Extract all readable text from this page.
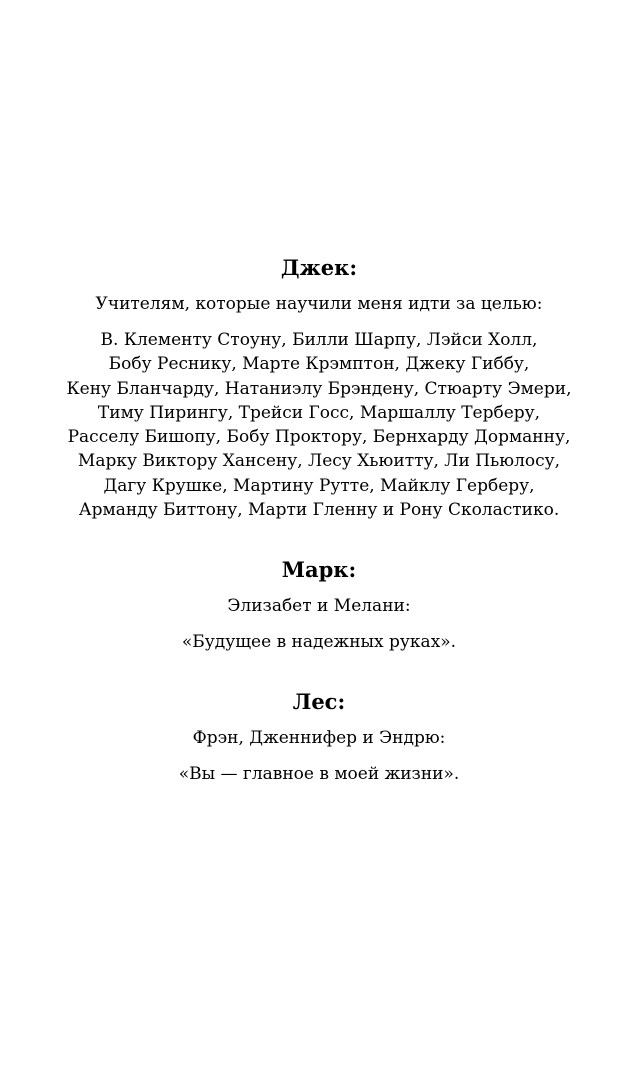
Джек:
Учителям, которые научили меня идти за целью:
В. Клементу Стоуну, Билли Шарпу, Лэйси Холл,
Бобу Реснику, Марте Крэмптон, Джеку Гиббу,
Кену Бланчарду, Натаниэлу Брэндену, Стюарту Эмери,
Тиму Пирингу, Трейси Госс, Маршаллу Терберу,
Расселу Бишопу, Бобу Проктору, Бернхарду Дорманну,
Марку Виктору Хансену, Лесу Хьюитту, Ли Пьюлосу,
Дагу Крушке, Мартину Рутте, Майклу Герберу,
Арманду Биттону, Марти Гленну и Рону Сколастико.
Марк:
Элизабет и Мелани:
«Будущее в надежных руках».
Лес:
Фрэн, Дженнифер и Эндрю:
«Вы — главное в моей жизни».
